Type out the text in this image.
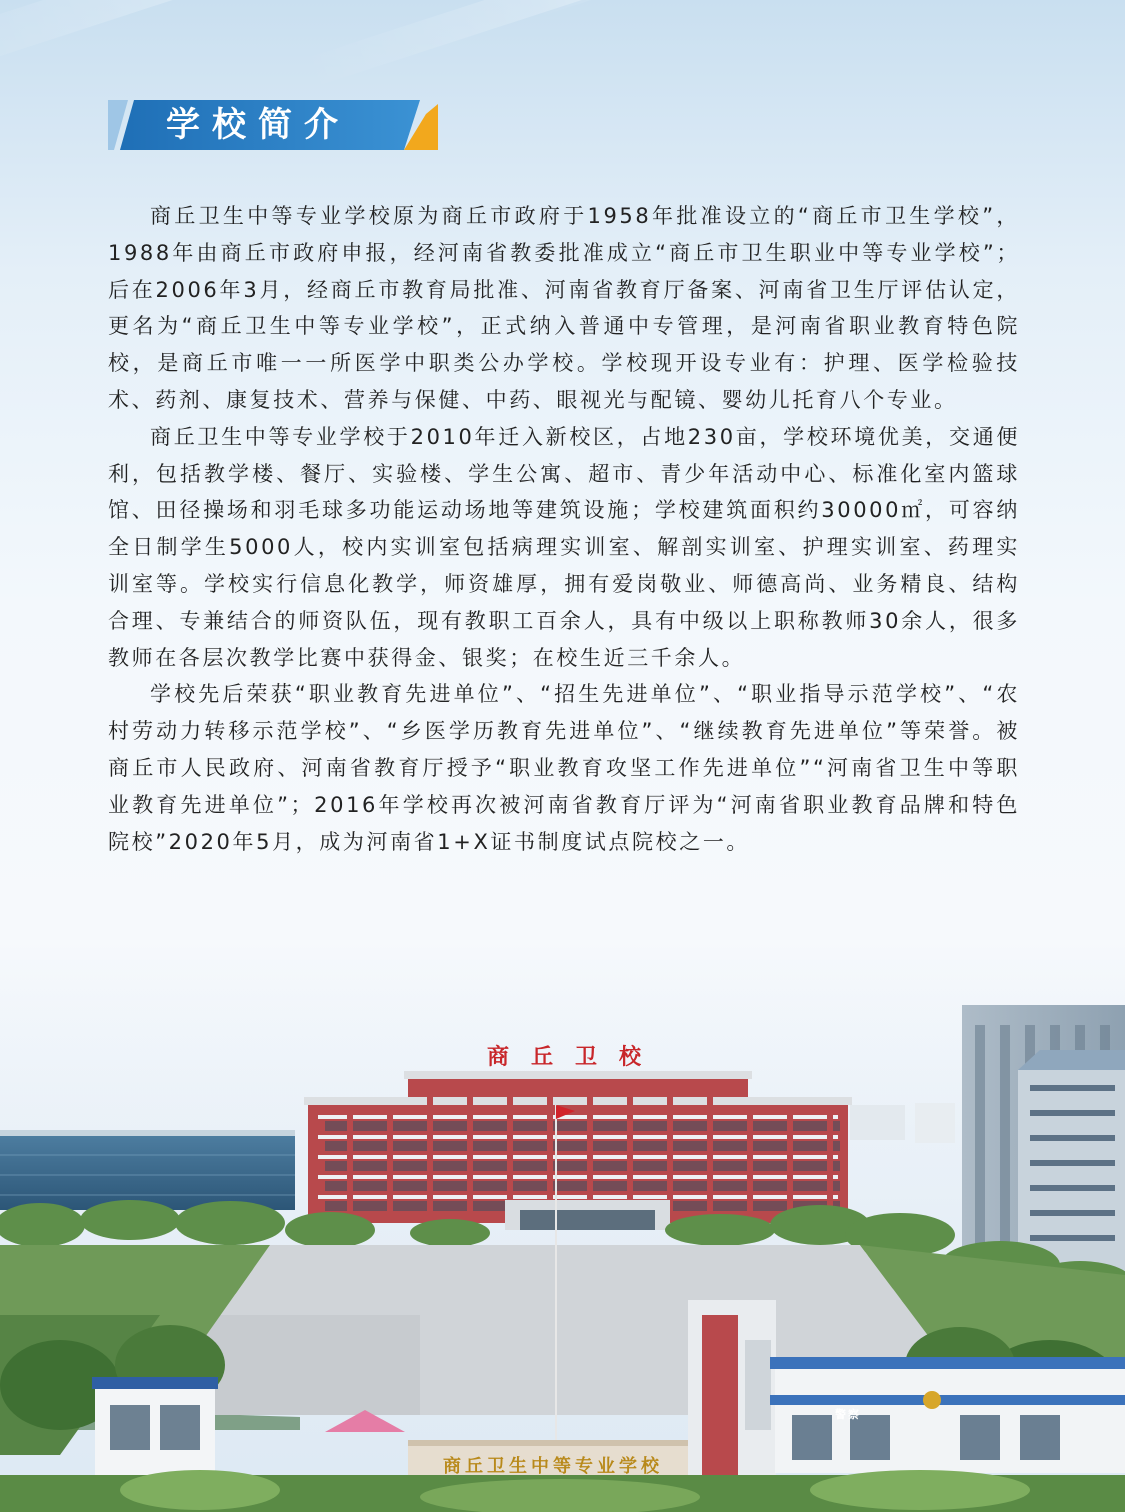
学校简介

商丘卫生中等专业学校原为商丘市政府于1958年批准设立的“商丘市卫生学校”，1988年由商丘市政府申报，经河南省教委批准成立“商丘市卫生职业中等专业学校”；后在2006年3月，经商丘市教育局批准、河南省教育厅备案、河南省卫生厅评估认定，更名为“商丘卫生中等专业学校”，正式纳入普通中专管理，是河南省职业教育特色院校，是商丘市唯一一所医学中职类公办学校。学校现开设专业有：护理、医学检验技术、药剂、康复技术、营养与保健、中药、眼视光与配镜、婴幼儿托育八个专业。

商丘卫生中等专业学校于2010年迁入新校区，占地230亩，学校环境优美，交通便利，包括教学楼、餐厅、实验楼、学生公寓、超市、青少年活动中心、标准化室内篮球馆、田径操场和羽毛球多功能运动场地等建筑设施；学校建筑面积约30000㎡，可容纳全日制学生5000人，校内实训室包括病理实训室、解剖实训室、护理实训室、药理实训室等。学校实行信息化教学，师资雄厚，拥有爱岗敬业、师德高尚、业务精良、结构合理、专兼结合的师资队伍，现有教职工百余人，具有中级以上职称教师30余人，很多教师在各层次教学比赛中获得金、银奖；在校生近三千余人。

学校先后荣获“职业教育先进单位”、“招生先进单位”、“职业指导示范学校”、“农村劳动力转移示范学校”、“乡医学历教育先进单位”、“继续教育先进单位”等荣誉。被商丘市人民政府、河南省教育厅授予“职业教育攻坚工作先进单位”“河南省卫生中等职业教育先进单位”；2016年学校再次被河南省教育厅评为“河南省职业教育品牌和特色院校”2020年5月，成为河南省1+X证书制度试点院校之一。

商丘卫校
商丘卫生中等专业学校
警察
